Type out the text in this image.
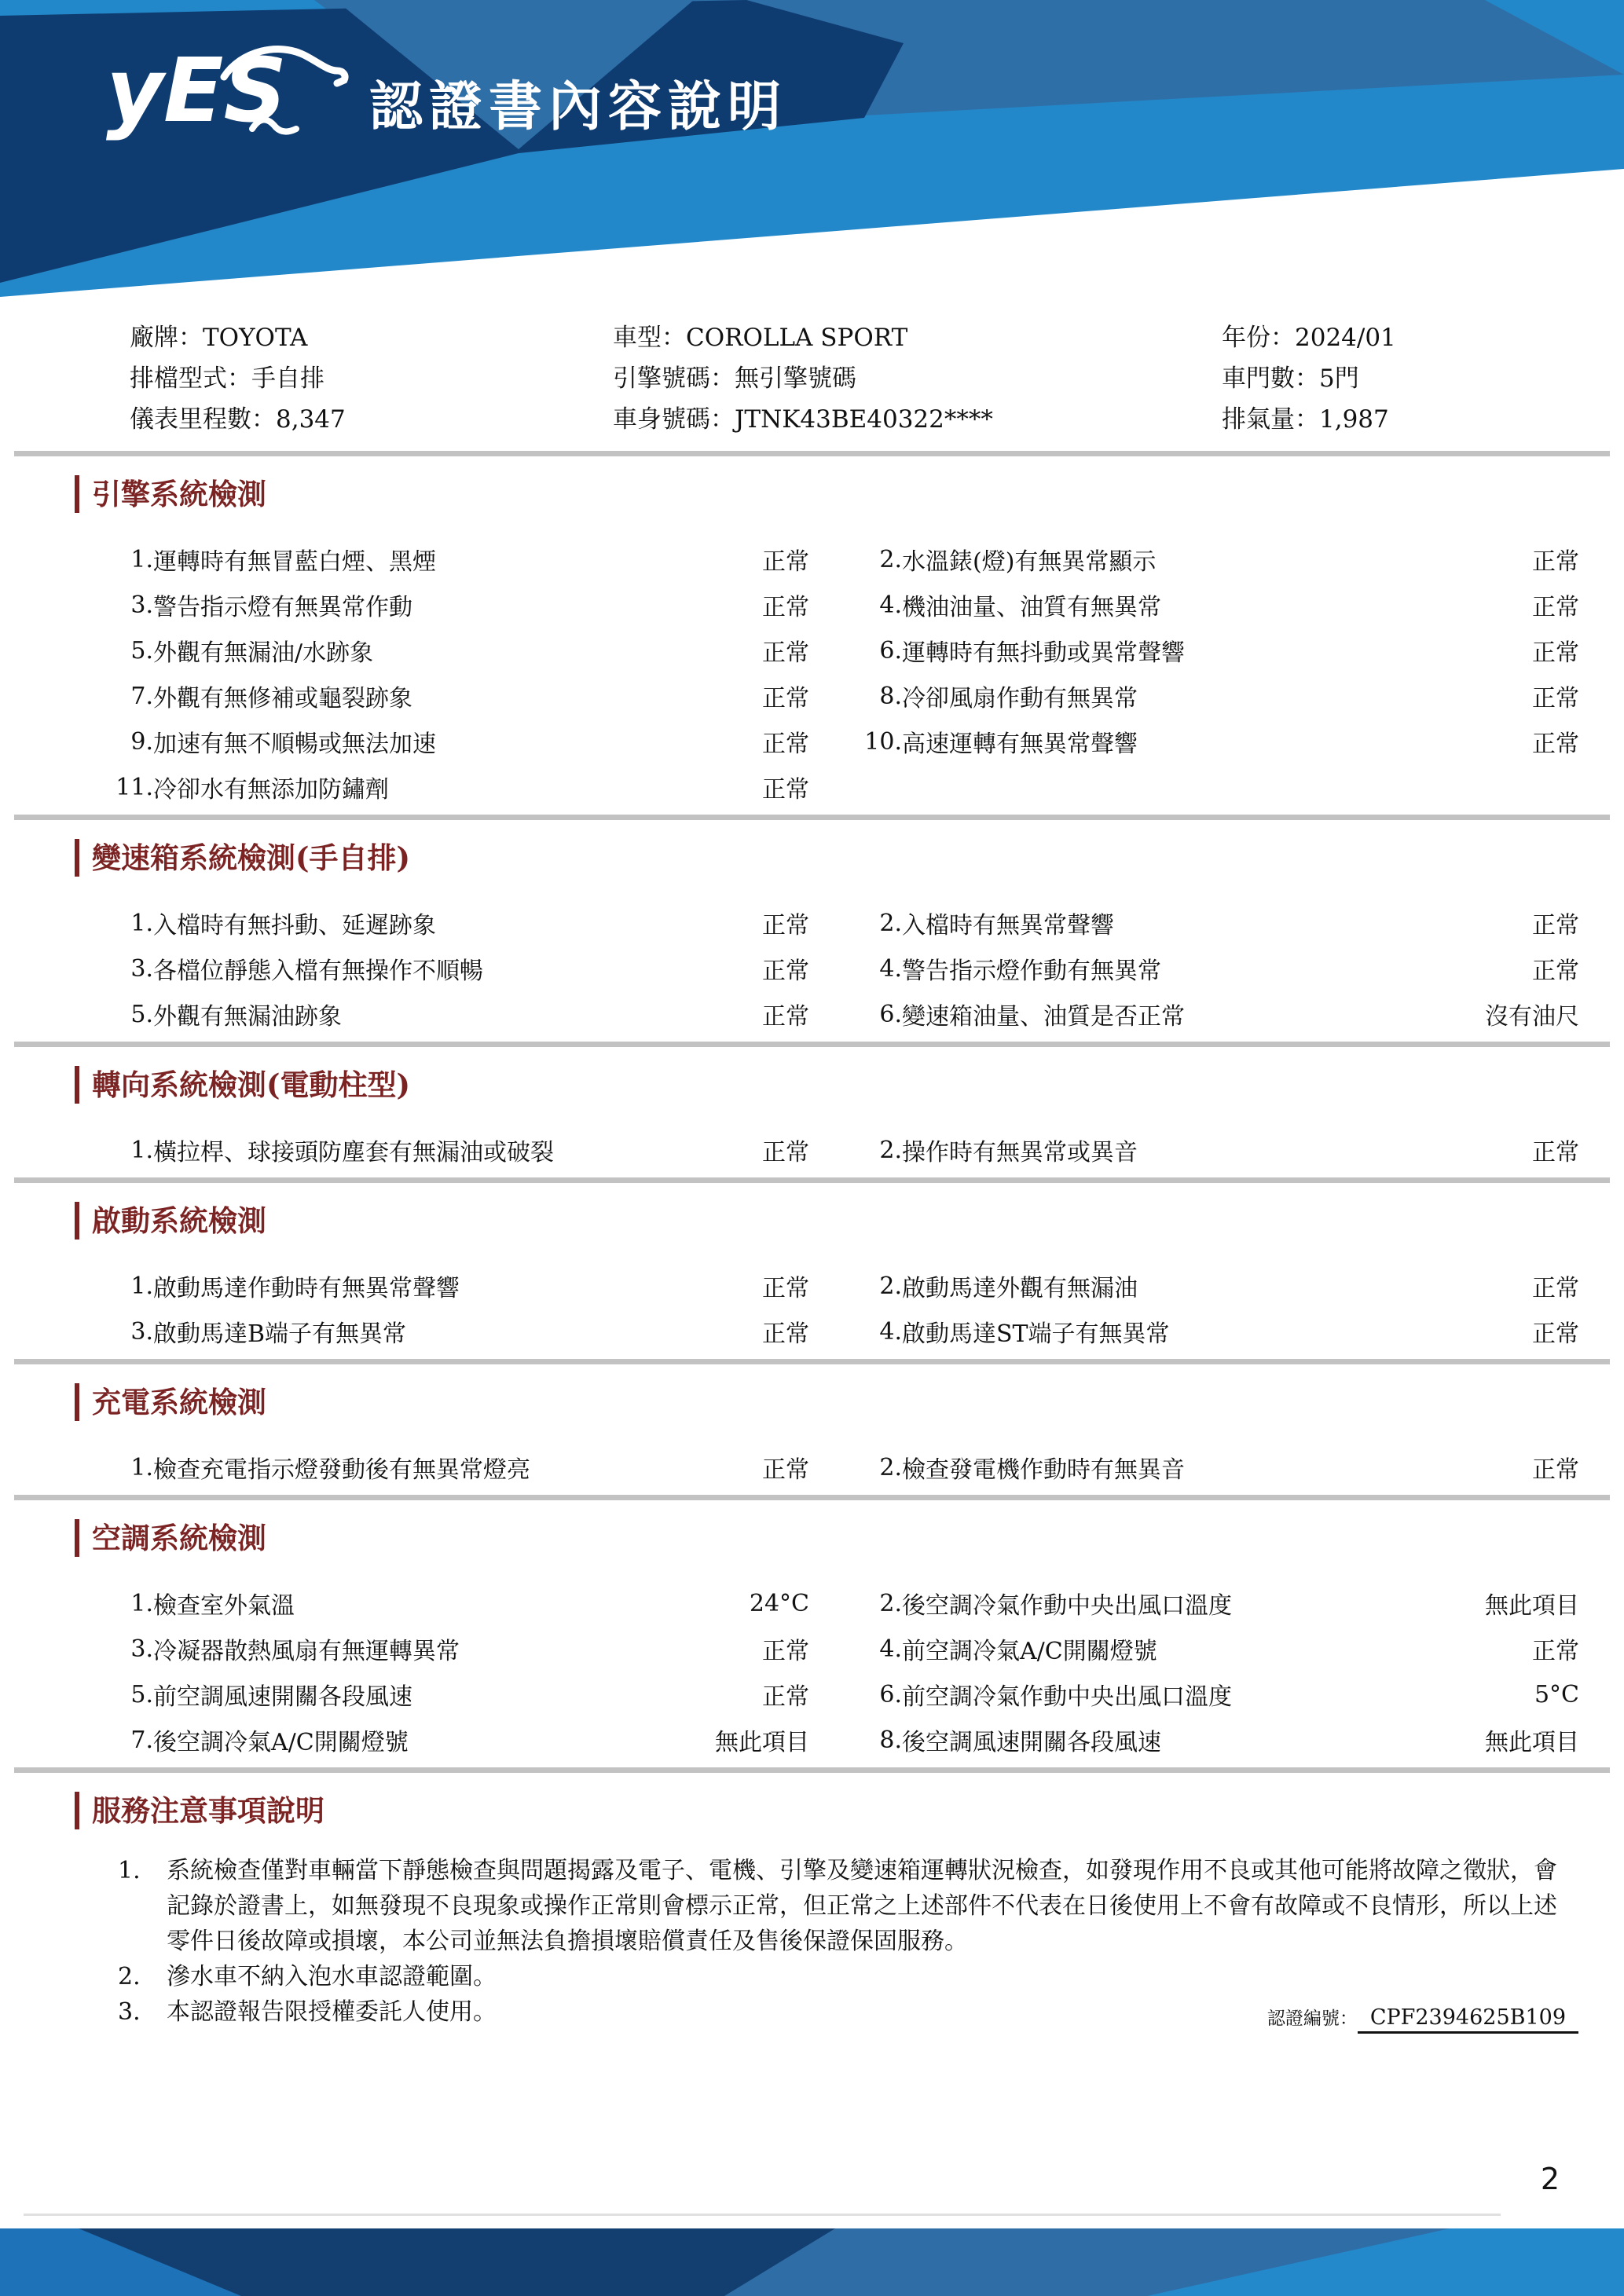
yES 認證書內容說明
廠牌：TOYOTA
排檔型式：手自排
儀表里程數：8,347
車型：COROLLA SPORT
引擎號碼：無引擎號碼
車身號碼：JTNK43BE40322****
年份：2024/01
車門數：5門
排氣量：1,987
引擎系統檢測
1. 運轉時有無冒藍白煙、黑煙	正常	2. 水溫錶(燈)有無異常顯示	正常
3. 警告指示燈有無異常作動	正常	4. 機油油量、油質有無異常	正常
5. 外觀有無漏油/水跡象	正常	6. 運轉時有無抖動或異常聲響	正常
7. 外觀有無修補或龜裂跡象	正常	8. 冷卻風扇作動有無異常	正常
9. 加速有無不順暢或無法加速	正常	10. 高速運轉有無異常聲響	正常
11. 冷卻水有無添加防鏽劑	正常
變速箱系統檢測(手自排)
1. 入檔時有無抖動、延遲跡象	正常	2. 入檔時有無異常聲響	正常
3. 各檔位靜態入檔有無操作不順暢	正常	4. 警告指示燈作動有無異常	正常
5. 外觀有無漏油跡象	正常	6. 變速箱油量、油質是否正常	沒有油尺
轉向系統檢測(電動柱型)
1. 橫拉桿、球接頭防塵套有無漏油或破裂	正常	2. 操作時有無異常或異音	正常
啟動系統檢測
1. 啟動馬達作動時有無異常聲響	正常	2. 啟動馬達外觀有無漏油	正常
3. 啟動馬達B端子有無異常	正常	4. 啟動馬達ST端子有無異常	正常
充電系統檢測
1. 檢查充電指示燈發動後有無異常燈亮	正常	2. 檢查發電機作動時有無異音	正常
空調系統檢測
1. 檢查室外氣溫	24°C	2. 後空調冷氣作動中央出風口溫度	無此項目
3. 冷凝器散熱風扇有無運轉異常	正常	4. 前空調冷氣A/C開關燈號	正常
5. 前空調風速開關各段風速	正常	6. 前空調冷氣作動中央出風口溫度	5°C
7. 後空調冷氣A/C開關燈號	無此項目	8. 後空調風速開關各段風速	無此項目
服務注意事項說明
1.	系統檢查僅對車輛當下靜態檢查與問題揭露及電子、電機、引擎及變速箱運轉狀況檢查，如發現作用不良或其他可能將故障之徵狀，會記錄於證書上，如無發現不良現象或操作正常則會標示正常，但正常之上述部件不代表在日後使用上不會有故障或不良情形，所以上述零件日後故障或損壞，本公司並無法負擔損壞賠償責任及售後保證保固服務。
2.	滲水車不納入泡水車認證範圍。
3.	本認證報告限授權委託人使用。	認證編號： CPF2394625B109
2
